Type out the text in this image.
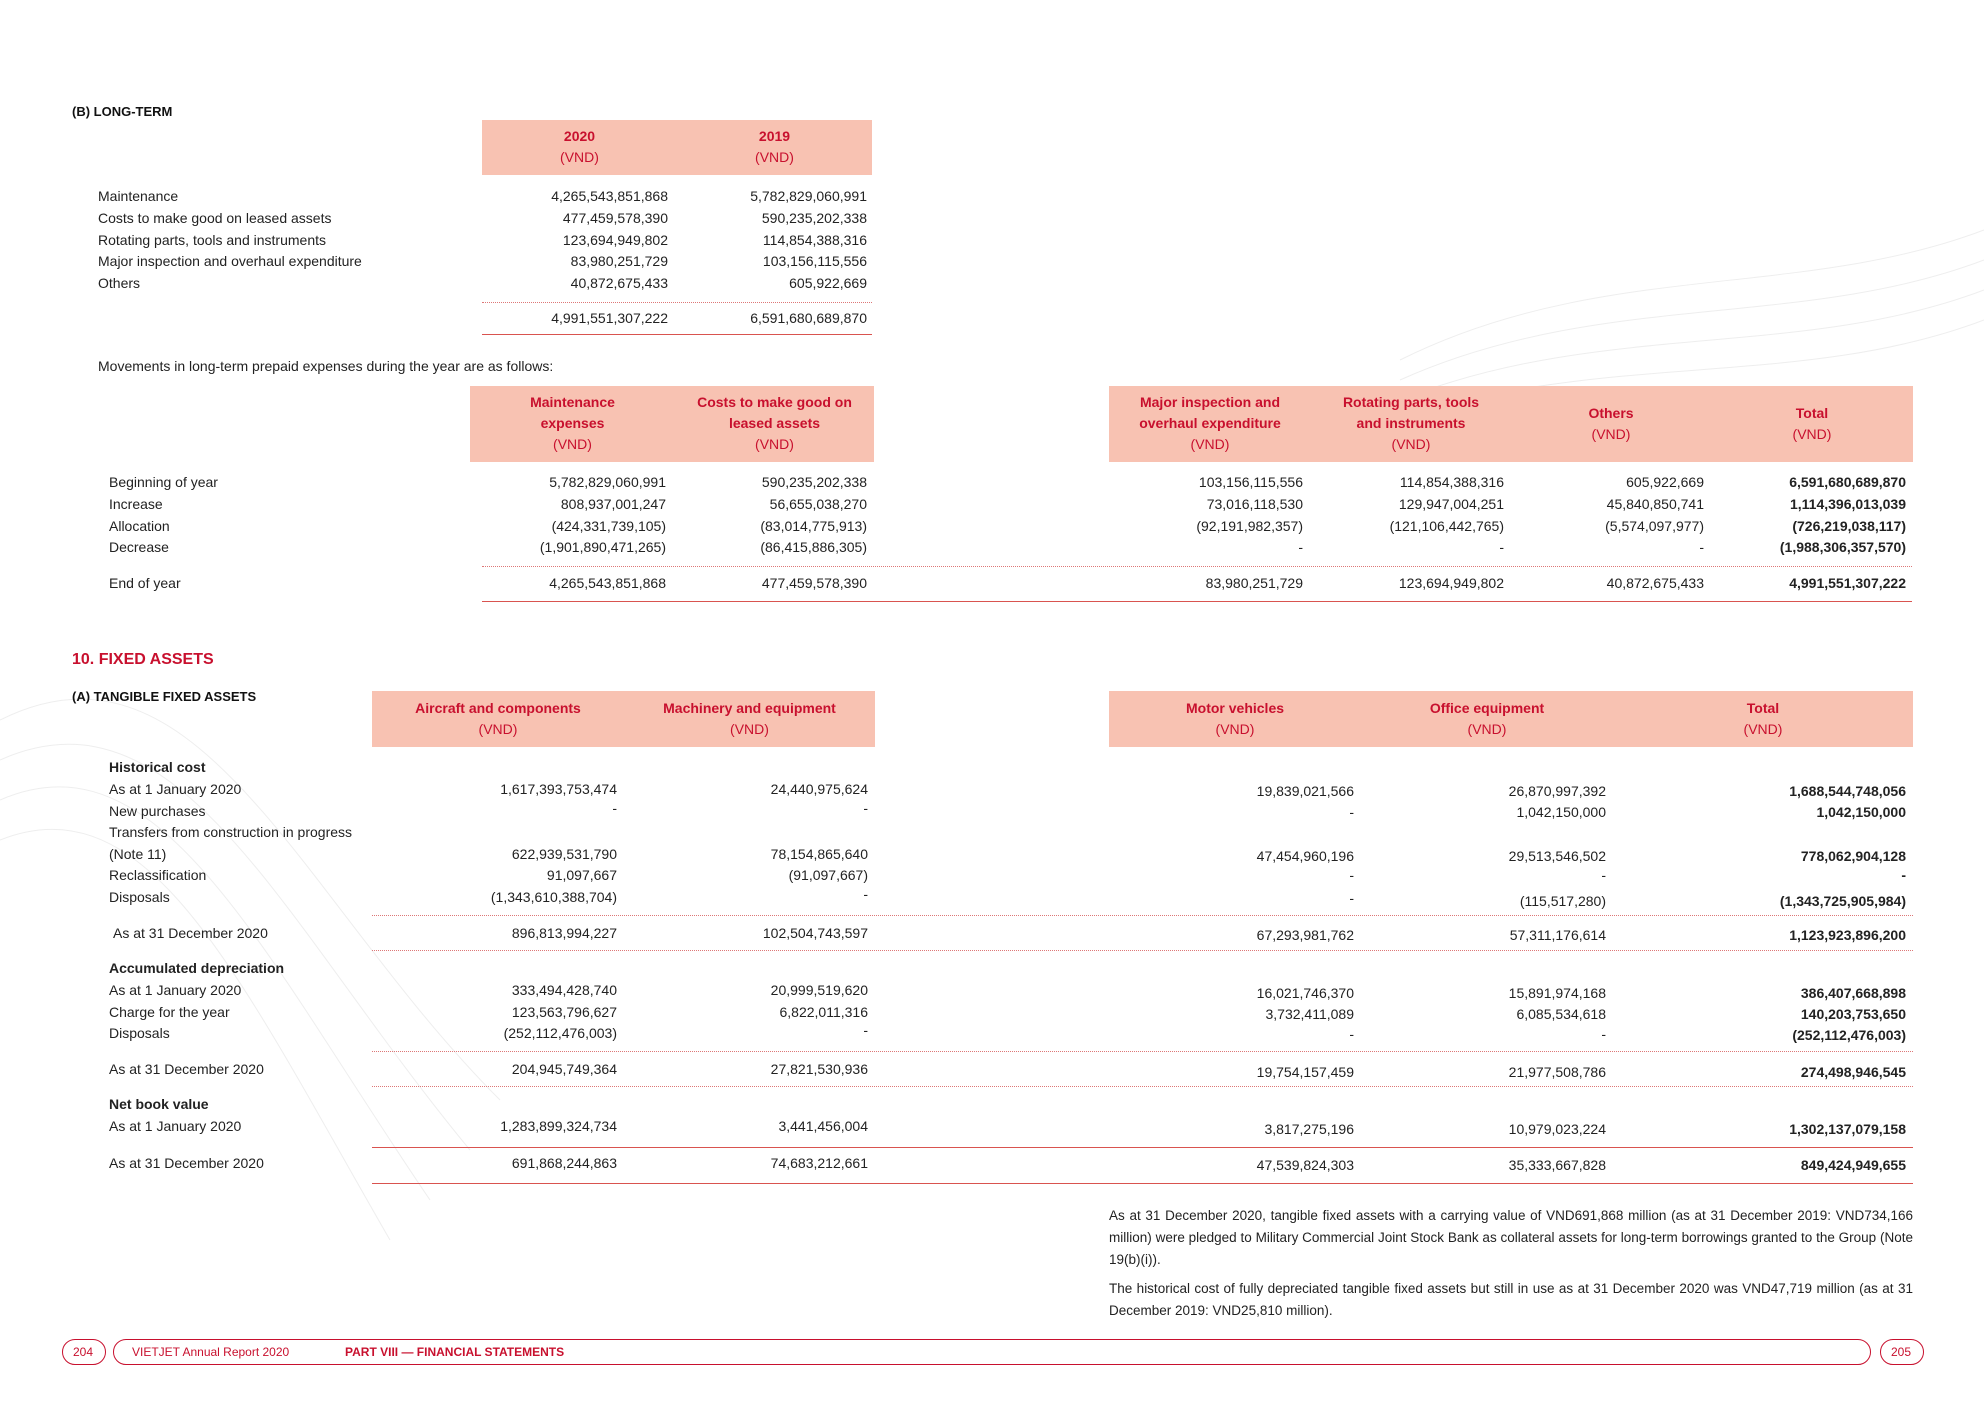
(B) LONG-TERM
2020
(VND)
2019
(VND)
Maintenance	4,265,543,851,868	5,782,829,060,991
Costs to make good on leased assets	477,459,578,390	590,235,202,338
Rotating parts, tools and instruments	123,694,949,802	114,854,388,316
Major inspection and overhaul expenditure	83,980,251,729	103,156,115,556
Others	40,872,675,433	605,922,669
4,991,551,307,222	6,591,680,689,870
Movements in long-term prepaid expenses during the year are as follows:
Maintenance
expenses
(VND)
Costs to make good on
leased assets
(VND)
Major inspection and
overhaul expenditure
(VND)
Rotating parts, tools
and instruments
(VND)
Others
(VND)
Total
(VND)
Beginning of year	5,782,829,060,991	590,235,202,338	103,156,115,556	114,854,388,316	605,922,669	6,591,680,689,870
Increase	808,937,001,247	56,655,038,270	73,016,118,530	129,947,004,251	45,840,850,741	1,114,396,013,039
Allocation	(424,331,739,105)	(83,014,775,913)	(92,191,982,357)	(121,106,442,765)	(5,574,097,977)	(726,219,038,117)
Decrease	(1,901,890,471,265)	(86,415,886,305)	-	-	-	(1,988,306,357,570)
End of year	4,265,543,851,868	477,459,578,390	83,980,251,729	123,694,949,802	40,872,675,433	4,991,551,307,222
10. FIXED ASSETS
(A) TANGIBLE FIXED ASSETS
Aircraft and components
(VND)
Machinery and equipment
(VND)
Motor vehicles
(VND)
Office equipment
(VND)
Total
(VND)
Historical cost
As at 1 January 2020	1,617,393,753,474	24,440,975,624	19,839,021,566	26,870,997,392	1,688,544,748,056
New purchases	-	-	-	1,042,150,000	1,042,150,000
Transfers from construction in progress
(Note 11)	622,939,531,790	78,154,865,640	47,454,960,196	29,513,546,502	778,062,904,128
Reclassification	91,097,667	(91,097,667)	-	-	-
Disposals	(1,343,610,388,704)	-	-	(115,517,280)	(1,343,725,905,984)
As at 31 December 2020	896,813,994,227	102,504,743,597	67,293,981,762	57,311,176,614	1,123,923,896,200
Accumulated depreciation
As at 1 January 2020	333,494,428,740	20,999,519,620	16,021,746,370	15,891,974,168	386,407,668,898
Charge for the year	123,563,796,627	6,822,011,316	3,732,411,089	6,085,534,618	140,203,753,650
Disposals	(252,112,476,003)	-	-	-	(252,112,476,003)
As at 31 December 2020	204,945,749,364	27,821,530,936	19,754,157,459	21,977,508,786	274,498,946,545
Net book value
As at 1 January 2020	1,283,899,324,734	3,441,456,004	3,817,275,196	10,979,023,224	1,302,137,079,158
As at 31 December 2020	691,868,244,863	74,683,212,661	47,539,824,303	35,333,667,828	849,424,949,655
As at 31 December 2020, tangible fixed assets with a carrying value of VND691,868 million (as at 31 December 2019: VND734,166 million) were pledged to Military Commercial Joint Stock Bank as collateral assets for long-term borrowings granted to the Group (Note 19(b)(i)).
The historical cost of fully depreciated tangible fixed assets but still in use as at 31 December 2020 was VND47,719 million (as at 31 December 2019: VND25,810 million).
204	VIETJET Annual Report 2020	PART VIII — FINANCIAL STATEMENTS	205
